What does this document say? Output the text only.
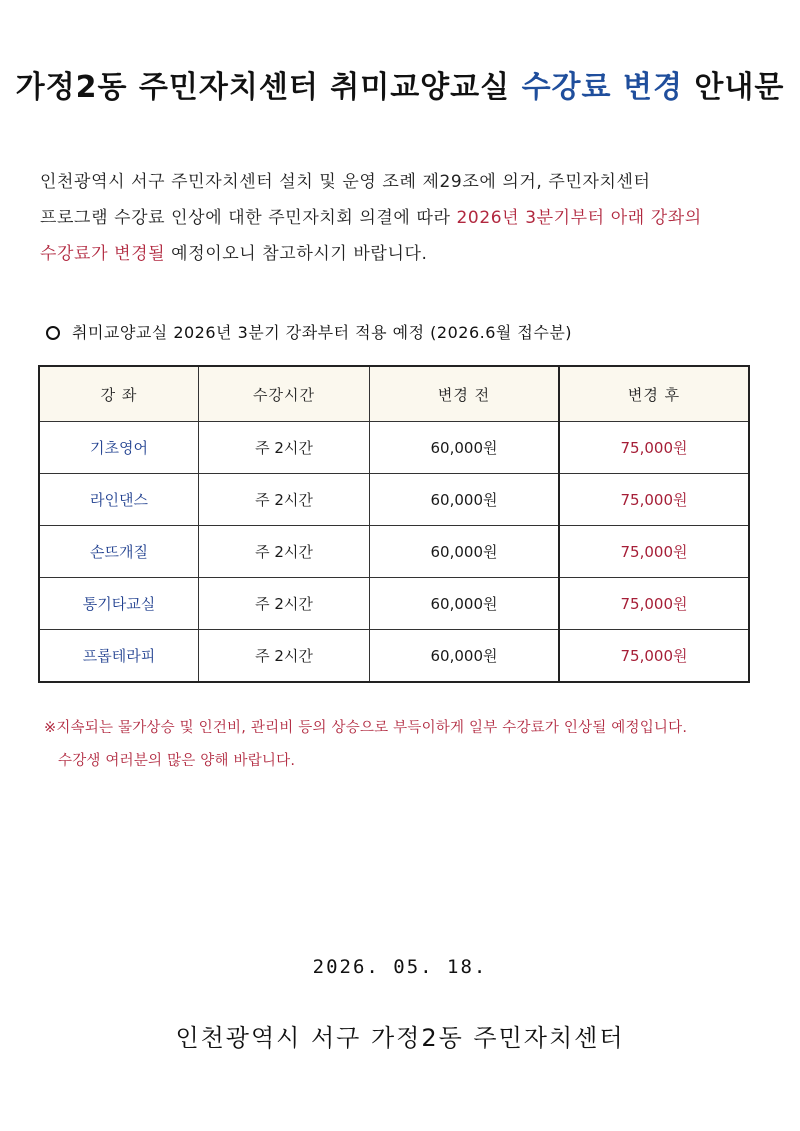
가정2동 주민자치센터 취미교양교실 수강료 변경 안내문
인천광역시 서구 주민자치센터 설치 및 운영 조례 제29조에 의거, 주민자치센터
프로그램 수강료 인상에 대한 주민자치회 의결에 따라 2026년 3분기부터 아래 강좌의
수강료가 변경될 예정이오니 참고하시기 바랍니다.
취미교양교실 2026년 3분기 강좌부터 적용 예정 (2026.6월 접수분)
강 좌	수강시간	변경 전	변경 후
기초영어	주 2시간	60,000원	75,000원
라인댄스	주 2시간	60,000원	75,000원
손뜨개질	주 2시간	60,000원	75,000원
통기타교실	주 2시간	60,000원	75,000원
프롭테라피	주 2시간	60,000원	75,000원
※지속되는 물가상승 및 인건비, 관리비 등의 상승으로 부득이하게 일부 수강료가 인상될 예정입니다.
수강생 여러분의 많은 양해 바랍니다.
2026. 05. 18.
인천광역시 서구 가정2동 주민자치센터
